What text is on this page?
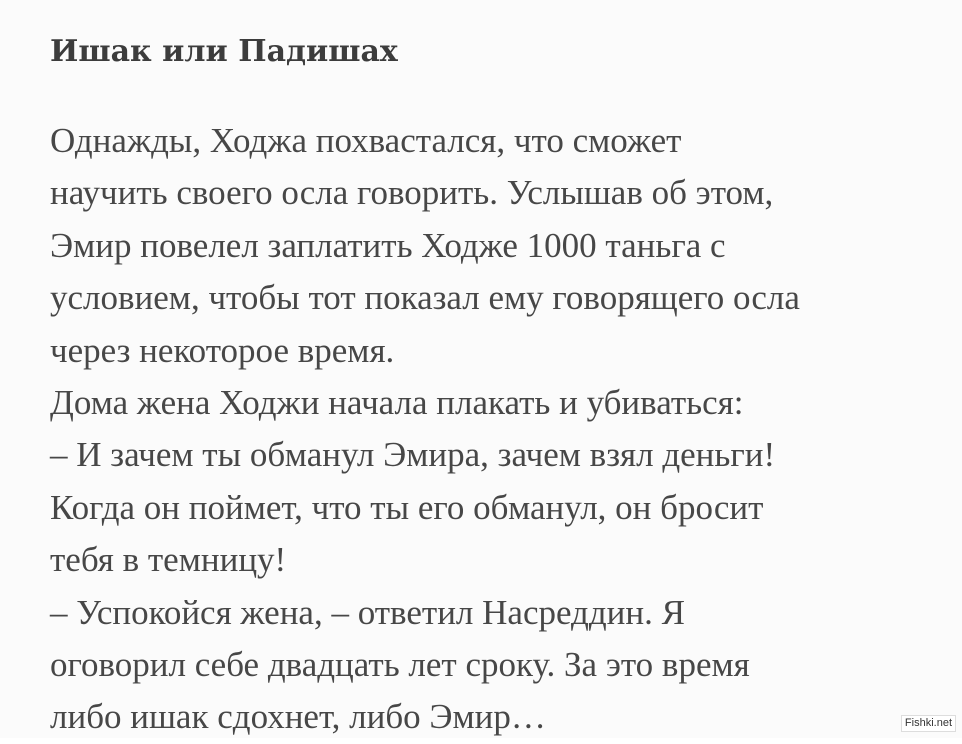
Ишак или Падишах
Однажды, Ходжа похвастался, что сможет
научить своего осла говорить. Услышав об этом,
Эмир повелел заплатить Ходже 1000 таньга с
условием, чтобы тот показал ему говорящего осла
через некоторое время.
Дома жена Ходжи начала плакать и убиваться:
– И зачем ты обманул Эмира, зачем взял деньги!
Когда он поймет, что ты его обманул, он бросит
тебя в темницу!
– Успокойся жена, – ответил Насреддин. Я
оговорил себе двадцать лет сроку. За это время
либо ишак сдохнет, либо Эмир…	Fishki.net
